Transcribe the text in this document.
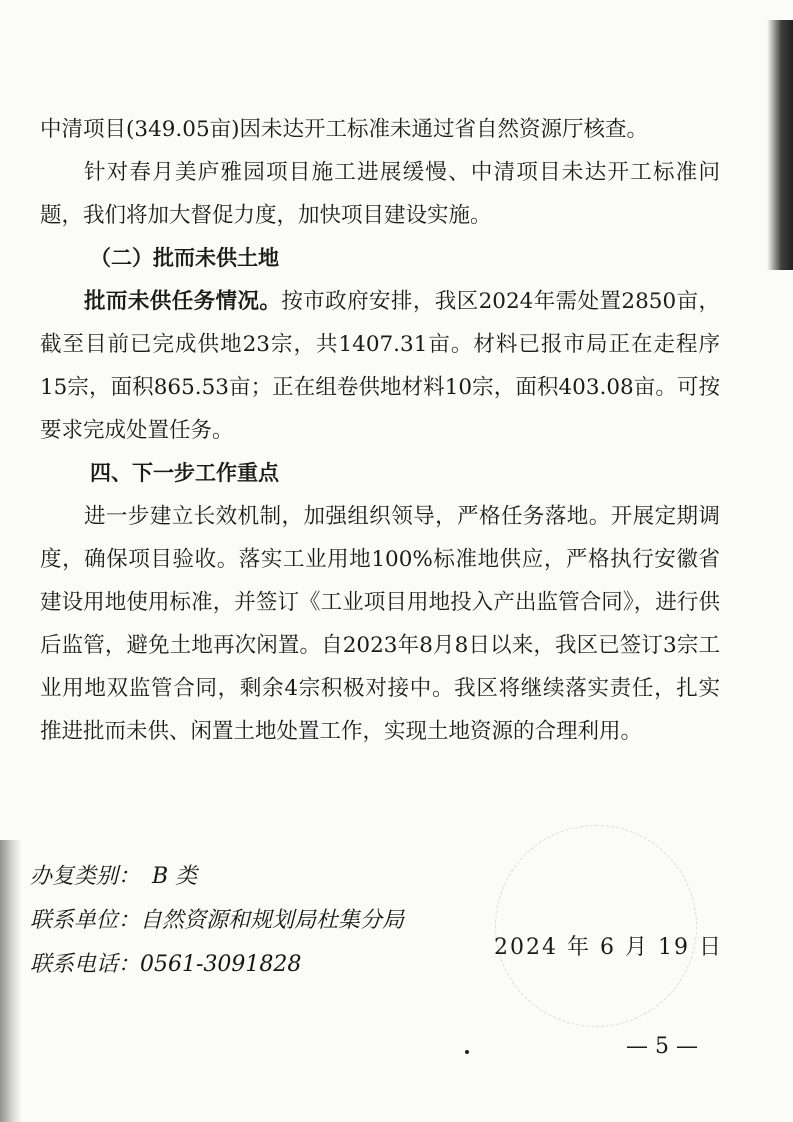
中清项目(349.05亩)因未达开工标准未通过省自然资源厅核查。

针对春月美庐雅园项目施工进展缓慢、中清项目未达开工标准问题，我们将加大督促力度，加快项目建设实施。

（二）批而未供土地

批而未供任务情况。按市政府安排，我区2024年需处置2850亩，截至目前已完成供地23宗，共1407.31亩。材料已报市局正在走程序15宗，面积865.53亩；正在组卷供地材料10宗，面积403.08亩。可按要求完成处置任务。

四、下一步工作重点

进一步建立长效机制，加强组织领导，严格任务落地。开展定期调度，确保项目验收。落实工业用地100%标准地供应，严格执行安徽省建设用地使用标准，并签订《工业项目用地投入产出监管合同》，进行供后监管，避免土地再次闲置。自2023年8月8日以来，我区已签订3宗工业用地双监管合同，剩余4宗积极对接中。我区将继续落实责任，扎实推进批而未供、闲置土地处置工作，实现土地资源的合理利用。

办复类别： B 类
联系单位：自然资源和规划局杜集分局
联系电话：0561-3091828
2024 年 6 月 19 日
— 5 —
